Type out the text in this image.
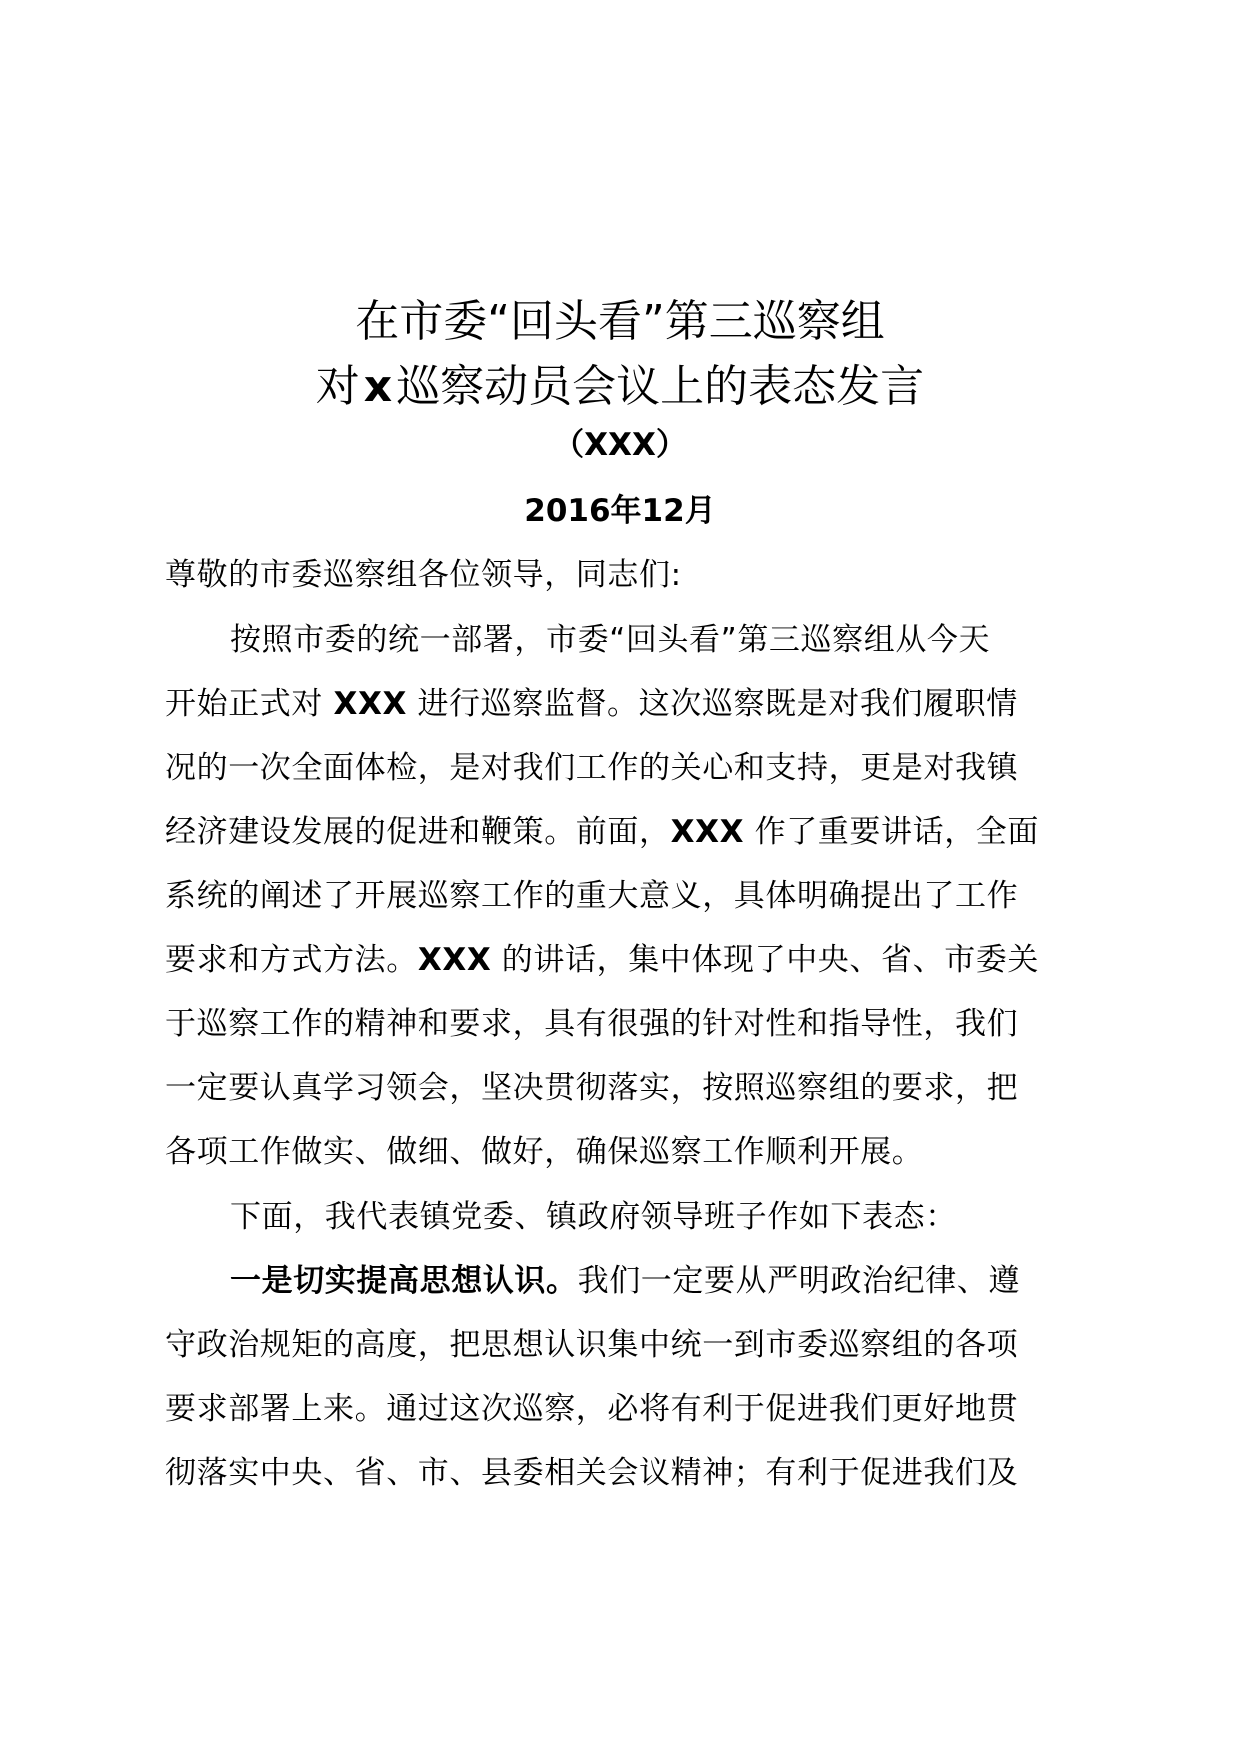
在市委“回头看”第三巡察组
对x巡察动员会议上的表态发言
（XXX）
2016年12月
尊敬的市委巡察组各位领导，同志们:
按照市委的统一部署，市委“回头看”第三巡察组从今天
开始正式对 XXX 进行巡察监督。这次巡察既是对我们履职情
况的一次全面体检，是对我们工作的关心和支持，更是对我镇
经济建设发展的促进和鞭策。前面，XXX 作了重要讲话，全面
系统的阐述了开展巡察工作的重大意义，具体明确提出了工作
要求和方式方法。XXX 的讲话，集中体现了中央、省、市委关
于巡察工作的精神和要求，具有很强的针对性和指导性，我们
一定要认真学习领会，坚决贯彻落实，按照巡察组的要求，把
各项工作做实、做细、做好，确保巡察工作顺利开展。
下面，我代表镇党委、镇政府领导班子作如下表态：
一是切实提高思想认识。我们一定要从严明政治纪律、遵
守政治规矩的高度，把思想认识集中统一到市委巡察组的各项
要求部署上来。通过这次巡察，必将有利于促进我们更好地贯
彻落实中央、省、市、县委相关会议精神；有利于促进我们及
